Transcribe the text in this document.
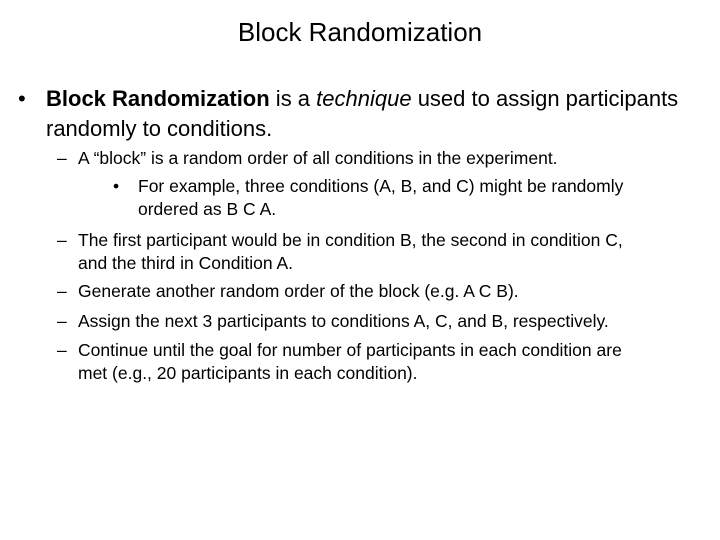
Block Randomization
• Block Randomization is a technique used to assign participants randomly to conditions.
– A “block” is a random order of all conditions in the experiment.
• For example, three conditions (A, B, and C) might be randomly
ordered as B C A.
– The first participant would be in condition B, the second in condition C,
and the third in Condition A.
– Generate another random order of the block (e.g. A C B).
– Assign the next 3 participants to conditions A, C, and B, respectively.
– Continue until the goal for number of participants in each condition are
met (e.g., 20 participants in each condition).
